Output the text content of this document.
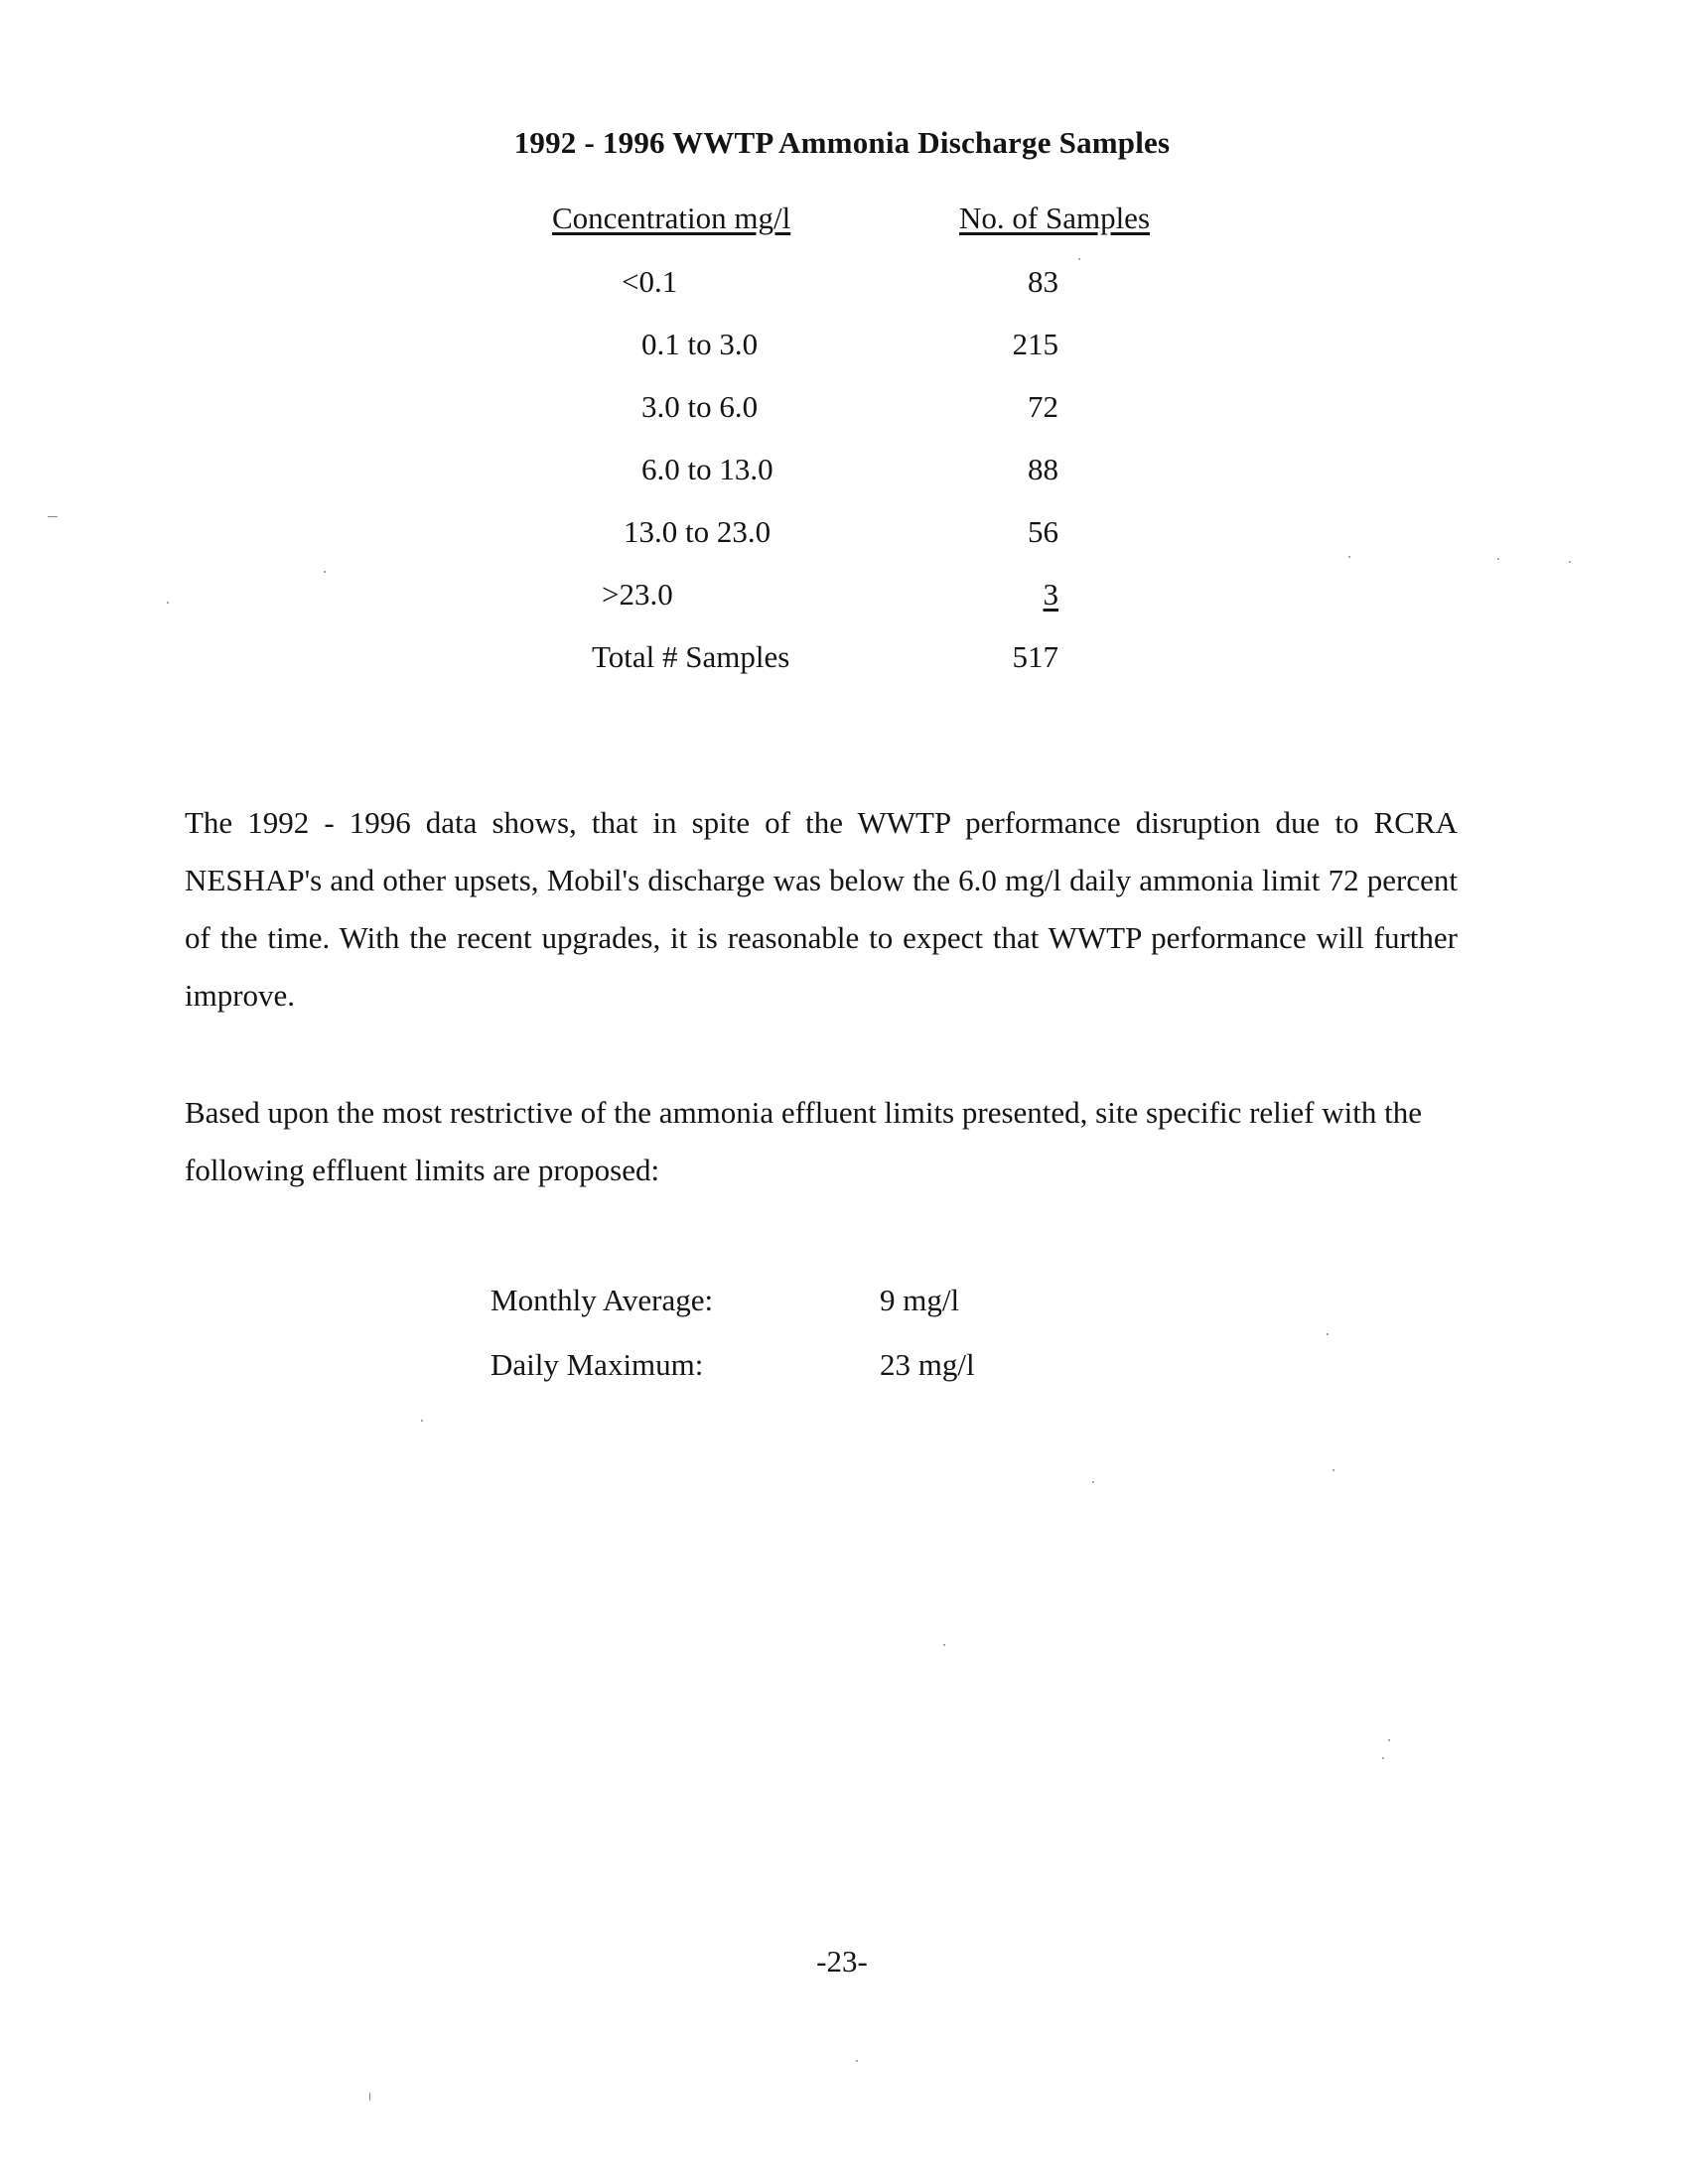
1992 - 1996 WWTP Ammonia Discharge Samples
Concentration mg/l	No. of Samples
<0.1	83
0.1 to 3.0	215
3.0 to 6.0	72
6.0 to 13.0	88
13.0 to 23.0	56
>23.0	3
Total # Samples	517
The 1992 - 1996 data shows, that in spite of the WWTP performance disruption due to RCRA NESHAP's and other upsets, Mobil's discharge was below the 6.0 mg/l daily ammonia limit 72 percent of the time. With the recent upgrades, it is reasonable to expect that WWTP performance will further improve.
Based upon the most restrictive of the ammonia effluent limits presented, site specific relief with the following effluent limits are proposed:
Monthly Average:	9 mg/l
Daily Maximum:	23 mg/l
-23-
